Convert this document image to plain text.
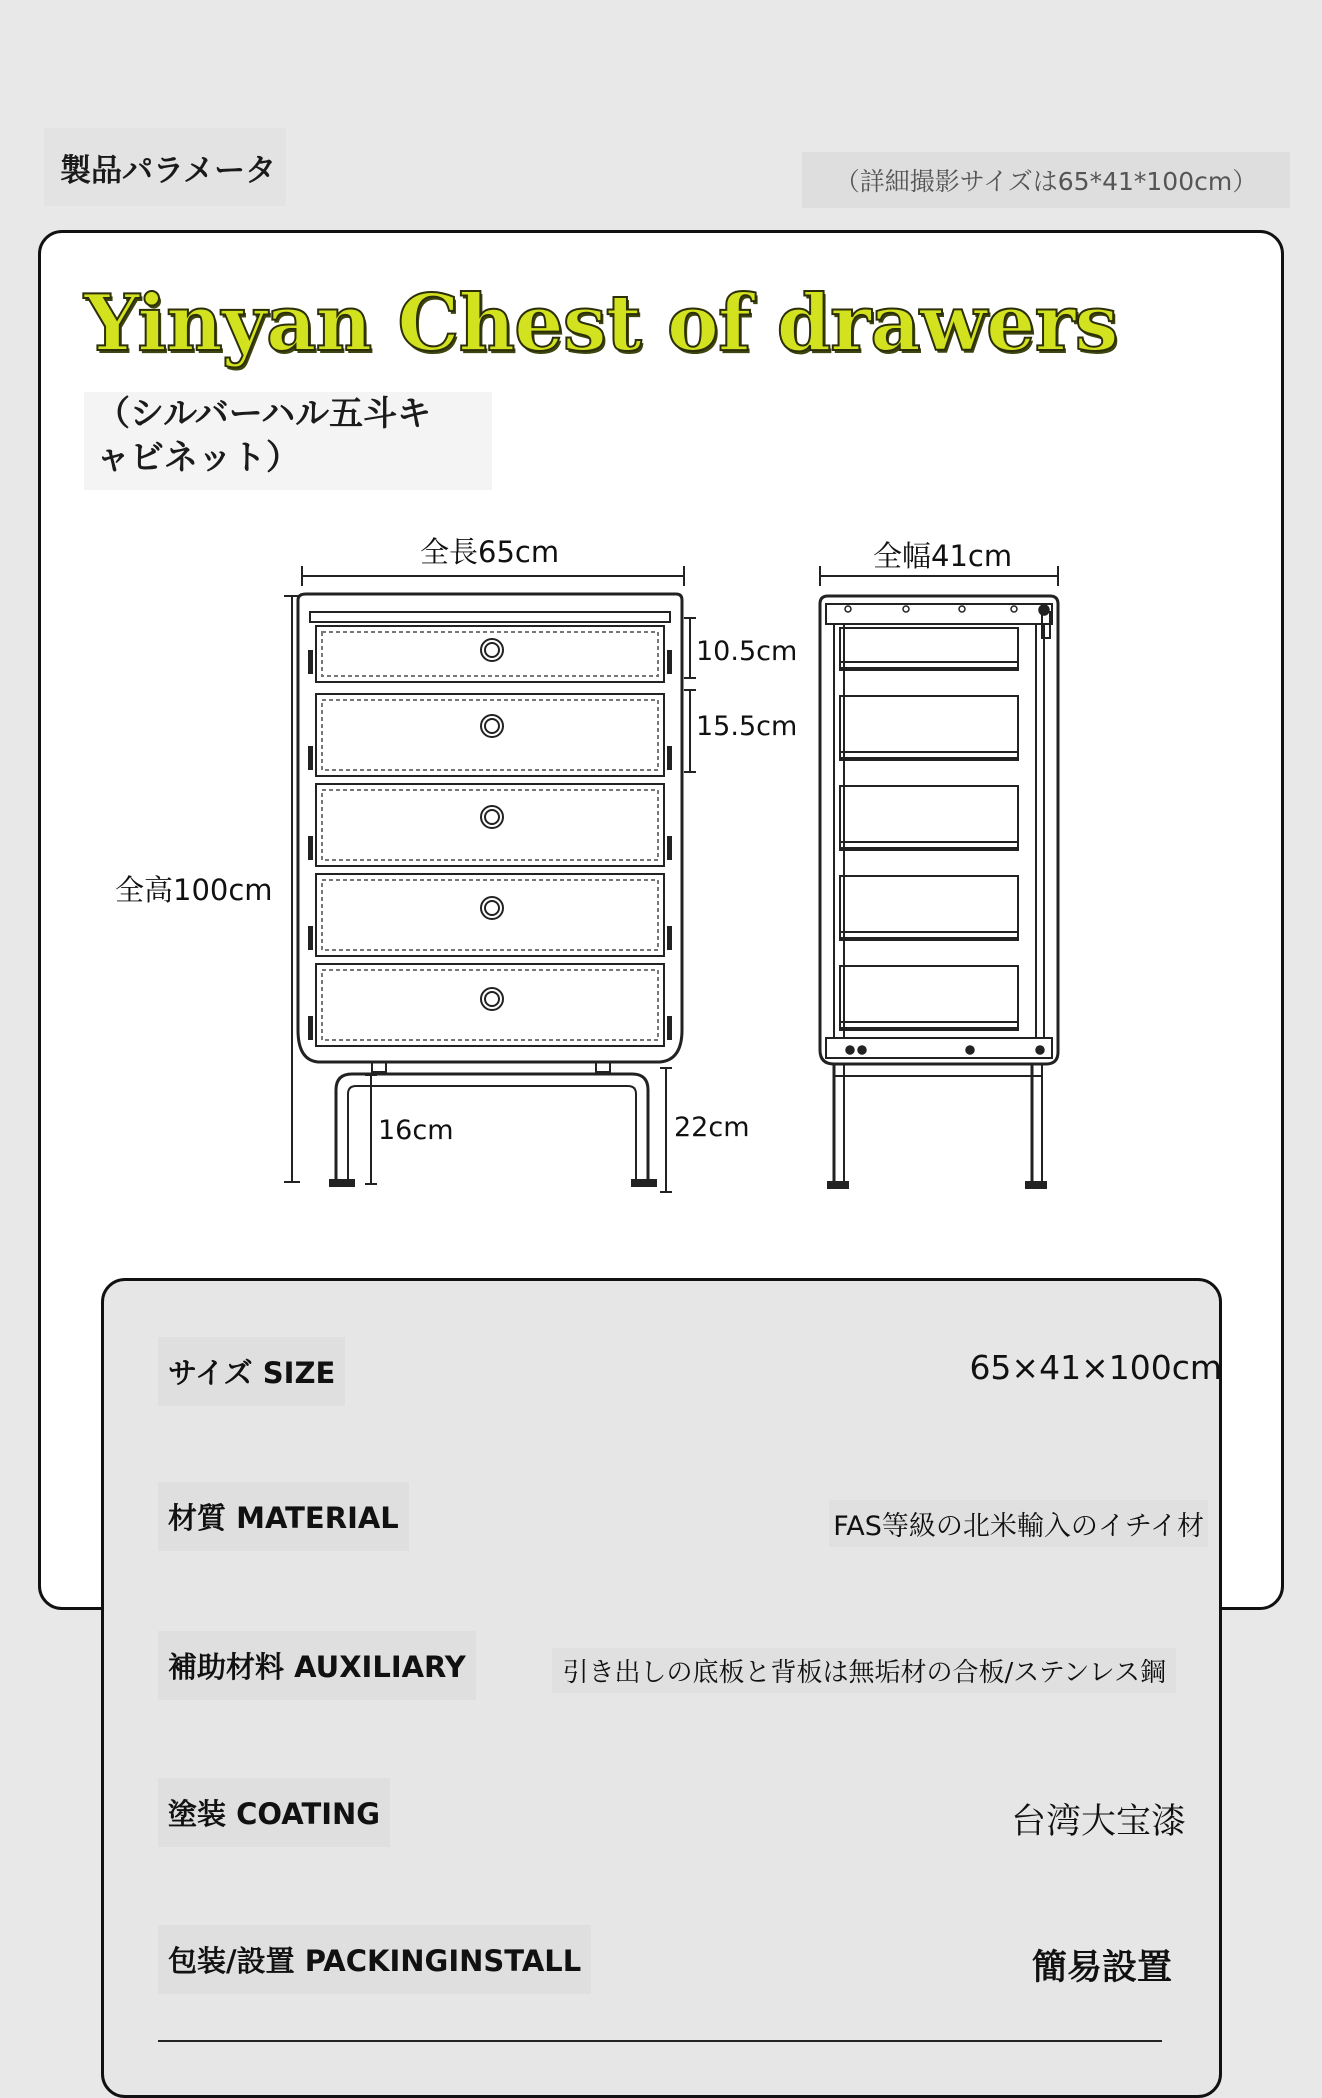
製品パラメータ	（詳細撮影サイズは65*41*100cm）
Yinyan Chest of drawers
（シルバーハル五斗キ
ャビネット）
全長65cm	全幅41cm
全高100cm
10.5cm
15.5cm
16cm	22cm
サイズ SIZE	65×41×100cm
材質 MATERIAL	FAS等級の北米輸入のイチイ材
補助材料 AUXILIARY	引き出しの底板と背板は無垢材の合板/ステンレス鋼
塗装 COATING	台湾大宝漆
包装/設置 PACKINGINSTALL	簡易設置
